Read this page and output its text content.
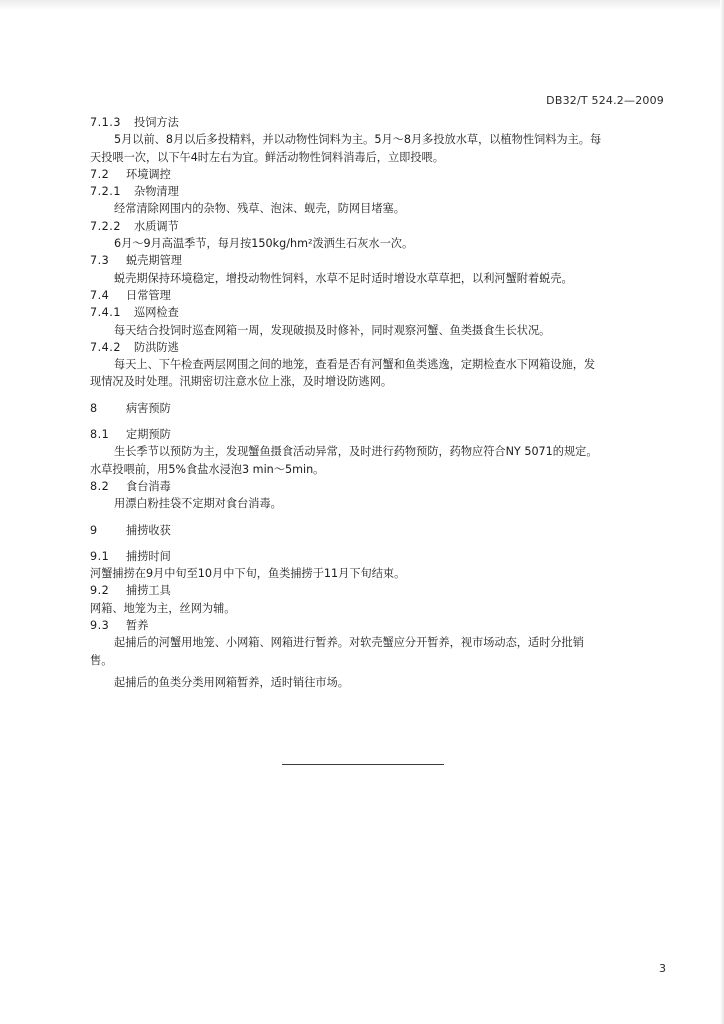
DB32/T 524.2—2009
7.1.3 投饲方法
5月以前、8月以后多投精料，并以动物性饲料为主。5月～8月多投放水草，以植物性饲料为主。每
天投喂一次，以下午4时左右为宜。鲜活动物性饲料消毒后，立即投喂。
7.2 环境调控
7.2.1 杂物清理
经常清除网围内的杂物、残草、泡沫、蚬壳，防网目堵塞。
7.2.2 水质调节
6月～9月高温季节，每月按150kg/hm²泼洒生石灰水一次。
7.3 蜕壳期管理
蜕壳期保持环境稳定，增投动物性饲料，水草不足时适时增设水草草把，以利河蟹附着蜕壳。
7.4 日常管理
7.4.1 巡网检查
每天结合投饲时巡查网箱一周，发现破损及时修补，同时观察河蟹、鱼类摄食生长状况。
7.4.2 防洪防逃
每天上、下午检查两层网围之间的地笼，查看是否有河蟹和鱼类逃逸，定期检查水下网箱设施，发
现情况及时处理。汛期密切注意水位上涨，及时增设防逃网。
8	病害预防
8.1 定期预防
生长季节以预防为主，发现蟹鱼摄食活动异常，及时进行药物预防，药物应符合NY 5071的规定。
水草投喂前，用5%食盐水浸泡3 min～5min。
8.2 食台消毒
用漂白粉挂袋不定期对食台消毒。
9	捕捞收获
9.1 捕捞时间
河蟹捕捞在9月中旬至10月中下旬，鱼类捕捞于11月下旬结束。
9.2 捕捞工具
网箱、地笼为主，丝网为辅。
9.3 暂养
起捕后的河蟹用地笼、小网箱、网箱进行暂养。对软壳蟹应分开暂养，视市场动态，适时分批销
售。
起捕后的鱼类分类用网箱暂养，适时销往市场。
3
